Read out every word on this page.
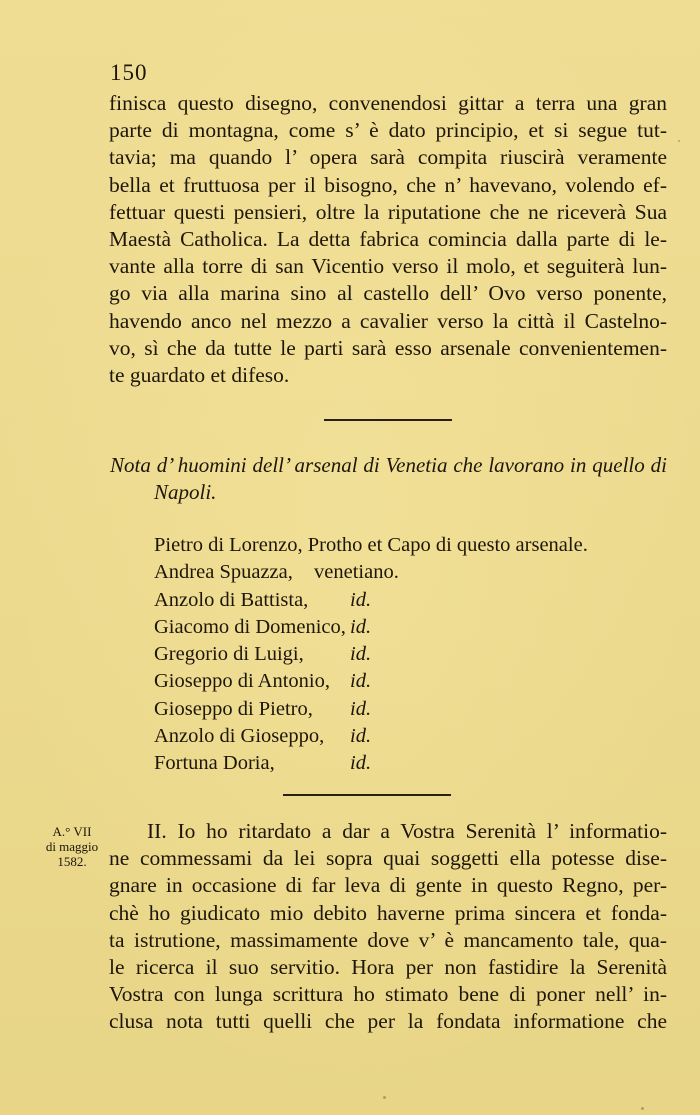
150
finisca questo disegno, convenendosi gittar a terra una gran
parte di montagna, come s’ è dato principio, et si segue tut-
tavia; ma quando l’ opera sarà compita riuscirà veramente
bella et fruttuosa per il bisogno, che n’ havevano, volendo ef-
fettuar questi pensieri, oltre la riputatione che ne riceverà Sua
Maestà Catholica. La detta fabrica comincia dalla parte di le-
vante alla torre di san Vicentio verso il molo, et seguiterà lun-
go via alla marina sino al castello dell’ Ovo verso ponente,
havendo anco nel mezzo a cavalier verso la città il Castelno-
vo, sì che da tutte le parti sarà esso arsenale convenientemen-
te guardato et difeso.
Nota d’ huomini dell’ arsenal di Venetia che lavorano in quello di
Napoli.
Pietro di Lorenzo, Protho et Capo di questo arsenale.
Andrea Spuazza,	venetiano.
Anzolo di Battista,	id.
Giacomo di Domenico, id.
Gregorio di Luigi,	id.
Gioseppo di Antonio, id.
Gioseppo di Pietro,	id.
Anzolo di Gioseppo,	id.
Fortuna Doria,	id.
A.° VII
di maggio
1582.
II. Io ho ritardato a dar a Vostra Serenità l’ informatio-
ne commessami da lei sopra quai soggetti ella potesse dise-
gnare in occasione di far leva di gente in questo Regno, per-
chè ho giudicato mio debito haverne prima sincera et fonda-
ta istrutione, massimamente dove v’ è mancamento tale, qua-
le ricerca il suo servitio. Hora per non fastidire la Serenità
Vostra con lunga scrittura ho stimato bene di poner nell’ in-
clusa nota tutti quelli che per la fondata informatione che
